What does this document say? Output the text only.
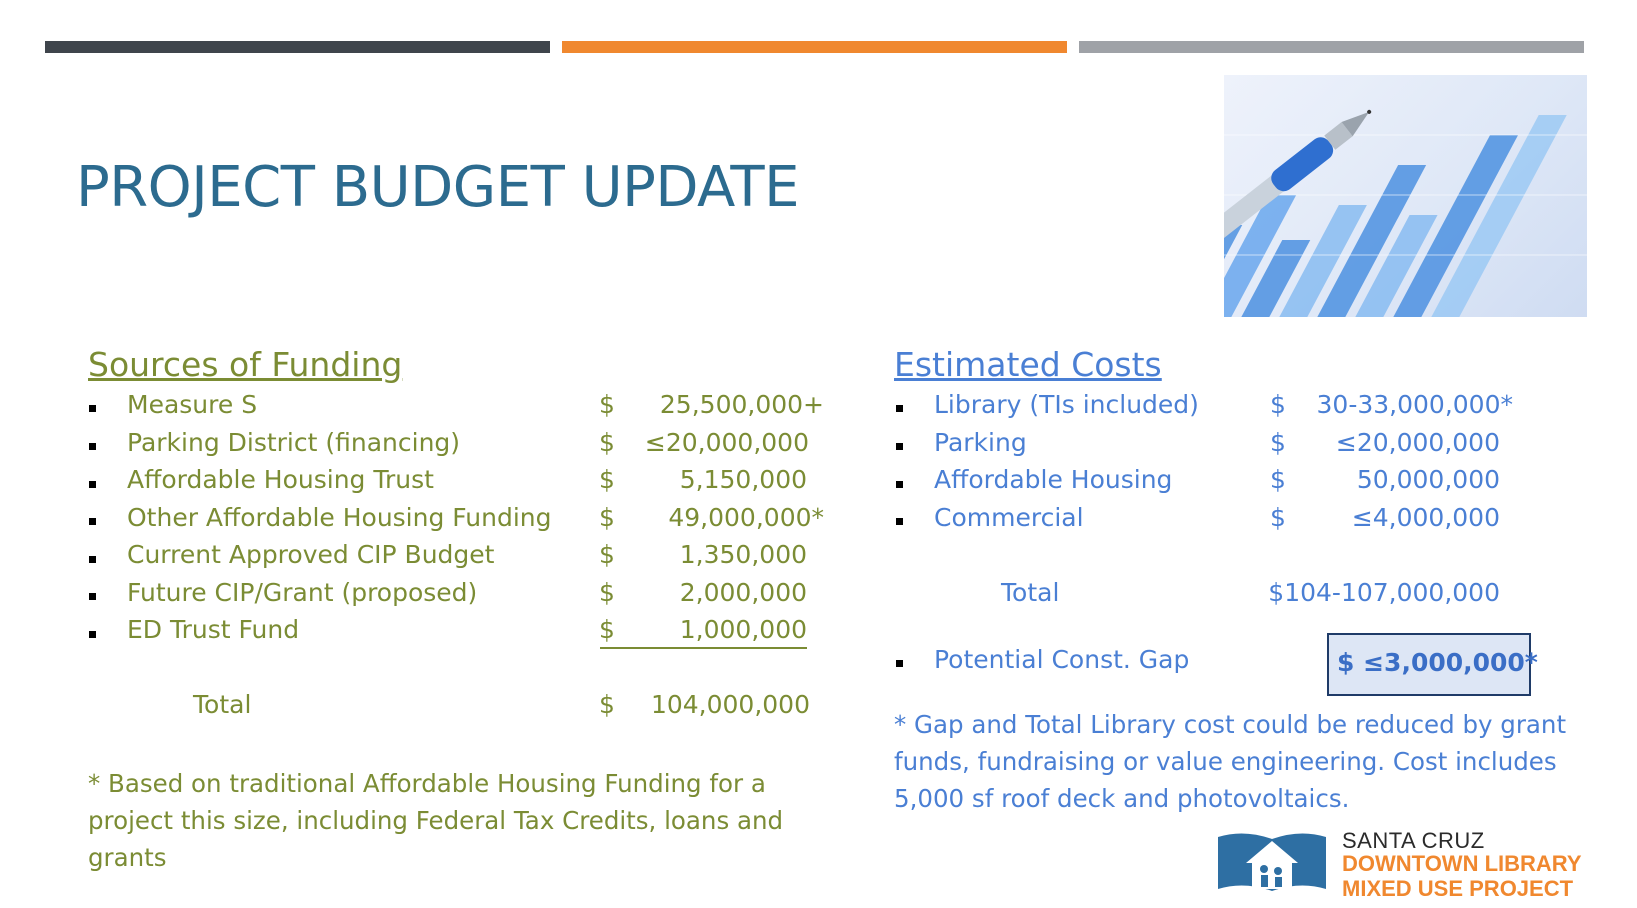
PROJECT BUDGET UPDATE
Sources of Funding
Measure S	$ 25,500,000+
Parking District (financing)	$ ≤20,000,000
Affordable Housing Trust	$	5,150,000
Other Affordable Housing Funding $ 49,000,000*
Current Approved CIP Budget	$	1,350,000
Future CIP/Grant (proposed)	$	2,000,000
ED Trust Fund	$	1,000,000
Total	$ 104,000,000
* Based on traditional Affordable Housing Funding for a project this size, including Federal Tax Credits, loans and grants
Estimated Costs
Library (TIs included)	$ 30-33,000,000*
Parking	$ ≤20,000,000
Affordable Housing	$	50,000,000
Commercial	$	≤4,000,000
Total	$104-107,000,000
Potential Const. Gap	$ ≤3,000,000*
* Gap and Total Library cost could be reduced by grant funds, fundraising or value engineering. Cost includes 5,000 sf roof deck and photovoltaics.
SANTA CRUZ
DOWNTOWN LIBRARY
MIXED USE PROJECT
